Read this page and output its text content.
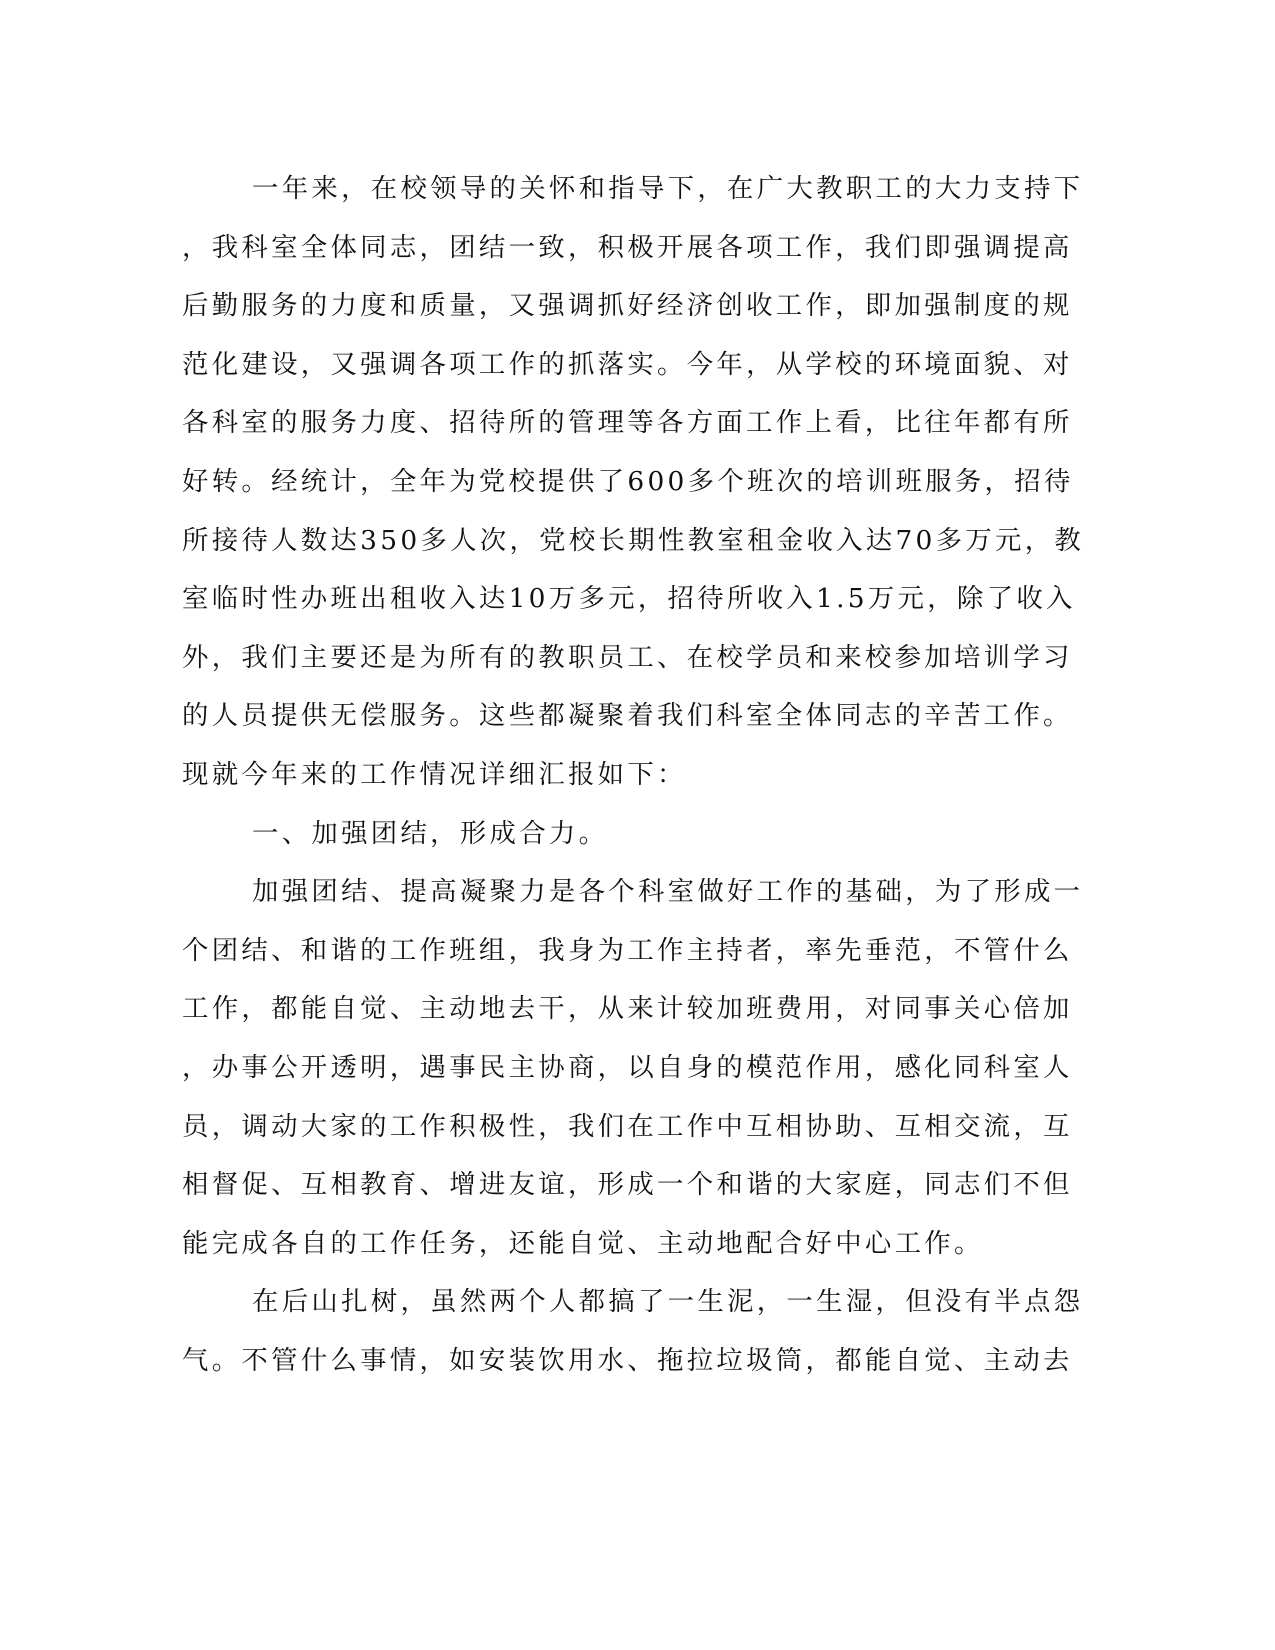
一年来，在校领导的关怀和指导下，在广大教职工的大力支持下
，我科室全体同志，团结一致，积极开展各项工作，我们即强调提高
后勤服务的力度和质量，又强调抓好经济创收工作，即加强制度的规
范化建设，又强调各项工作的抓落实。今年，从学校的环境面貌、对
各科室的服务力度、招待所的管理等各方面工作上看，比往年都有所
好转。经统计，全年为党校提供了600多个班次的培训班服务，招待
所接待人数达350多人次，党校长期性教室租金收入达70多万元，教
室临时性办班出租收入达10万多元，招待所收入1.5万元，除了收入
外，我们主要还是为所有的教职员工、在校学员和来校参加培训学习
的人员提供无偿服务。这些都凝聚着我们科室全体同志的辛苦工作。
现就今年来的工作情况详细汇报如下：
一、加强团结，形成合力。
加强团结、提高凝聚力是各个科室做好工作的基础，为了形成一
个团结、和谐的工作班组，我身为工作主持者，率先垂范，不管什么
工作，都能自觉、主动地去干，从来计较加班费用，对同事关心倍加
，办事公开透明，遇事民主协商，以自身的模范作用，感化同科室人
员，调动大家的工作积极性，我们在工作中互相协助、互相交流，互
相督促、互相教育、增进友谊，形成一个和谐的大家庭，同志们不但
能完成各自的工作任务，还能自觉、主动地配合好中心工作。
在后山扎树，虽然两个人都搞了一生泥，一生湿，但没有半点怨
气。不管什么事情，如安装饮用水、拖拉垃圾筒，都能自觉、主动去
